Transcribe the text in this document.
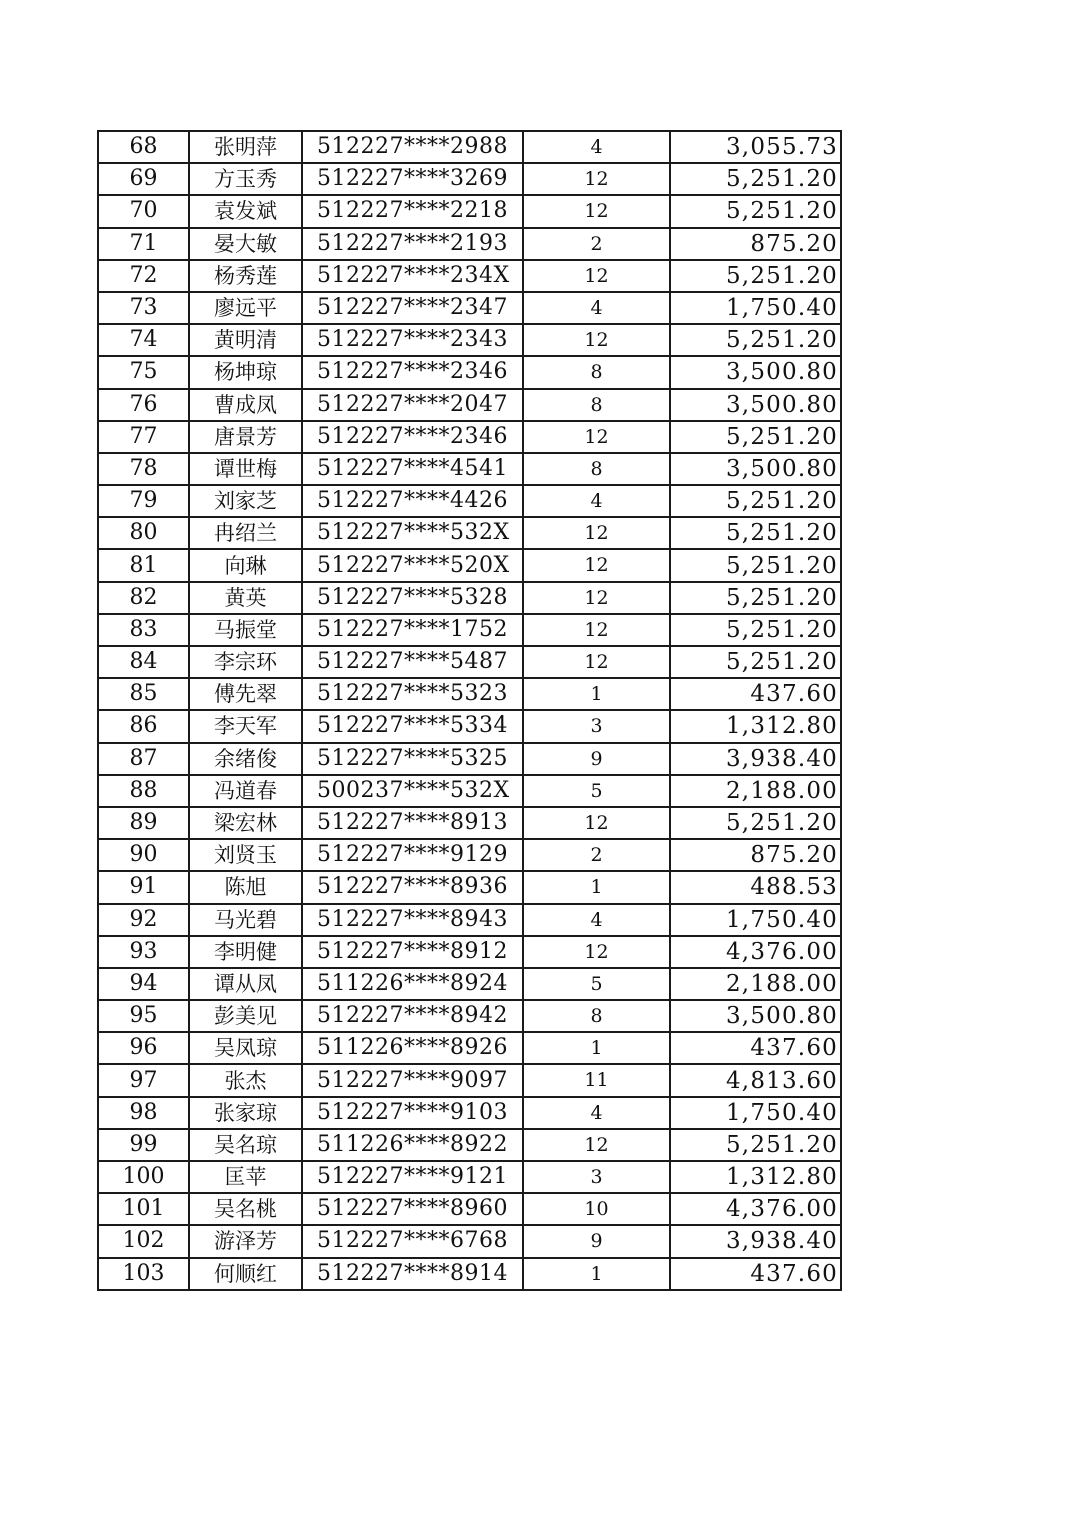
68	张明萍	512227****2988	4	3,055.73
69	方玉秀	512227****3269	12	5,251.20
70	袁发斌	512227****2218	12	5,251.20
71	晏大敏	512227****2193	2	875.20
72	杨秀莲	512227****234X	12	5,251.20
73	廖远平	512227****2347	4	1,750.40
74	黄明清	512227****2343	12	5,251.20
75	杨坤琼	512227****2346	8	3,500.80
76	曹成凤	512227****2047	8	3,500.80
77	唐景芳	512227****2346	12	5,251.20
78	谭世梅	512227****4541	8	3,500.80
79	刘家芝	512227****4426	4	5,251.20
80	冉绍兰	512227****532X	12	5,251.20
81	向琳	512227****520X	12	5,251.20
82	黄英	512227****5328	12	5,251.20
83	马振堂	512227****1752	12	5,251.20
84	李宗环	512227****5487	12	5,251.20
85	傅先翠	512227****5323	1	437.60
86	李天军	512227****5334	3	1,312.80
87	余绪俊	512227****5325	9	3,938.40
88	冯道春	500237****532X	5	2,188.00
89	梁宏林	512227****8913	12	5,251.20
90	刘贤玉	512227****9129	2	875.20
91	陈旭	512227****8936	1	488.53
92	马光碧	512227****8943	4	1,750.40
93	李明健	512227****8912	12	4,376.00
94	谭从凤	511226****8924	5	2,188.00
95	彭美见	512227****8942	8	3,500.80
96	吴凤琼	511226****8926	1	437.60
97	张杰	512227****9097	11	4,813.60
98	张家琼	512227****9103	4	1,750.40
99	吴名琼	511226****8922	12	5,251.20
100	匡苹	512227****9121	3	1,312.80
101	吴名桃	512227****8960	10	4,376.00
102	游泽芳	512227****6768	9	3,938.40
103	何顺红	512227****8914	1	437.60
